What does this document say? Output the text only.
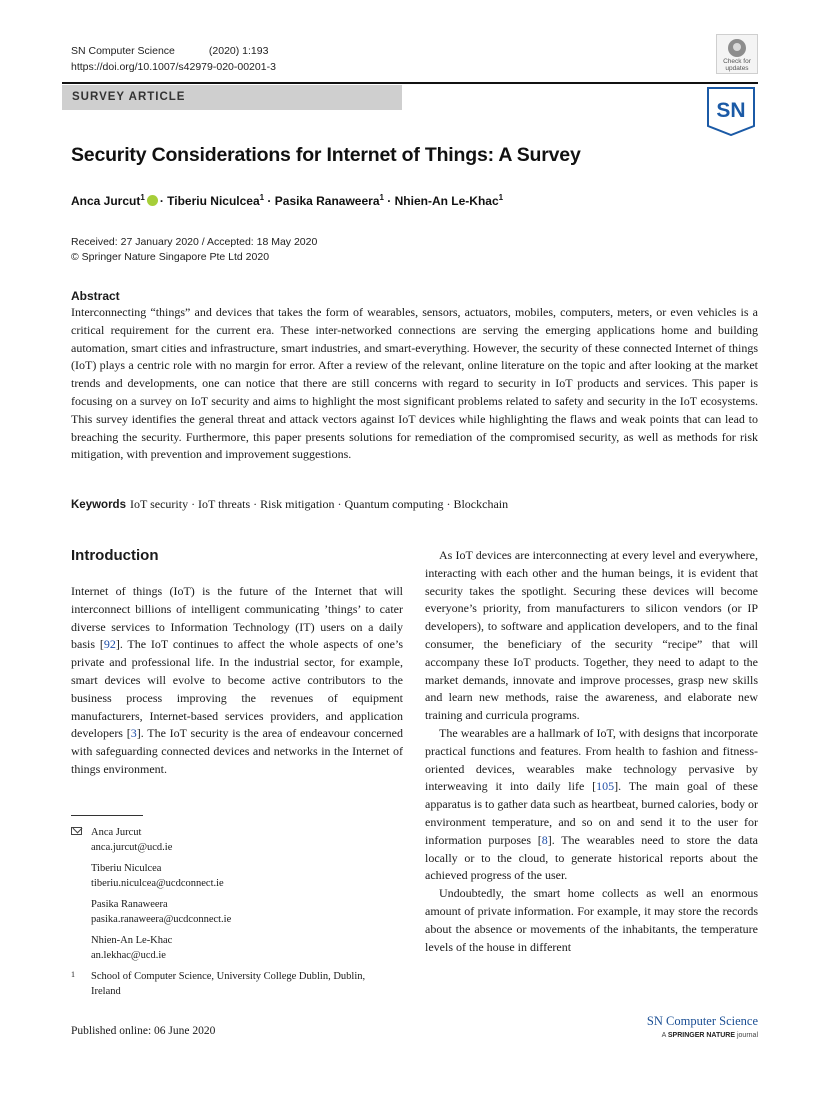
SN Computer Science	(2020) 1:193
https://doi.org/10.1007/s42979-020-00201-3
SURVEY ARTICLE
Check for
updates
SN
Security Considerations for Internet of Things: A Survey
Anca Jurcut$^1$ · Tiberiu Niculcea$^1$ · Pasika Ranaweera$^1$ · Nhien-An Le-Khac$^1$
Received: 27 January 2020 / Accepted: 18 May 2020
© Springer Nature Singapore Pte Ltd 2020
Abstract
Interconnecting “things” and devices that takes the form of wearables, sensors, actuators, mobiles, computers, meters, or even vehicles is a critical requirement for the current era. These inter-networked connections are serving the emerging applications home and building automation, smart cities and infrastructure, smart industries, and smart-everything. However, the security of these connected Internet of things (IoT) plays a centric role with no margin for error. After a review of the relevant, online literature on the topic and after looking at the market trends and developments, one can notice that there are still concerns with regard to security in IoT products and services. This paper is focusing on a survey on IoT security and aims to highlight the most significant problems related to safety and security in the IoT ecosystems. This survey identifies the general threat and attack vectors against IoT devices while highlighting the flaws and weak points that can lead to breaching the security. Furthermore, this paper presents solutions for remediation of the compromised security, as well as methods for risk mitigation, with prevention and improvement suggestions.
Keywords IoT security · IoT threats · Risk mitigation · Quantum computing · Blockchain
Introduction

Internet of things (IoT) is the future of the Internet that will interconnect billions of intelligent communicating ’things’ to cater diverse services to Information Technology (IT) users on a daily basis [92]. The IoT continues to affect the whole aspects of one’s private and professional life. In the industrial sector, for example, smart devices will evolve to become active contributors to the business process improving the revenues of equipment manufacturers, Internet-based services providers, and application developers [3]. The IoT security is the area of endeavour concerned with safeguarding connected devices and networks in the Internet of things environment.

As IoT devices are interconnecting at every level and everywhere, interacting with each other and the human beings, it is evident that security takes the spotlight. Securing these devices will become everyone’s priority, from manufacturers to silicon vendors (or IP developers), to software and application developers, and to the final consumer, the beneficiary of the security “recipe” that will accompany these IoT products. Together, they need to adapt to the market demands, innovate and improve processes, grasp new skills and learn new methods, raise the awareness, and elaborate new training and curricula programs.

The wearables are a hallmark of IoT, with designs that incorporate practical functions and features. From health to fashion and fitness-oriented devices, wearables make technology pervasive by interweaving it into daily life [105]. The main goal of these apparatus is to gather data such as heartbeat, burned calories, body or environment temperature, and so on and send it to the user for information purposes [8]. The wearables need to store the data locally or to the cloud, to generate historical reports about the achieved progress of the user.

Undoubtedly, the smart home collects as well an enormous amount of private information. For example, it may store the records about the absence or movements of the inhabitants, the temperature levels of the house in different

Anca Jurcut
anca.jurcut@ucd.ie
Tiberiu Niculcea
tiberiu.niculcea@ucdconnect.ie
Pasika Ranaweera
pasika.ranaweera@ucdconnect.ie
Nhien-An Le-Khac
an.lekhac@ucd.ie
1 School of Computer Science, University College Dublin, Dublin, Ireland
Published online: 06 June 2020
SN Computer Science
A SPRINGER NATURE journal
